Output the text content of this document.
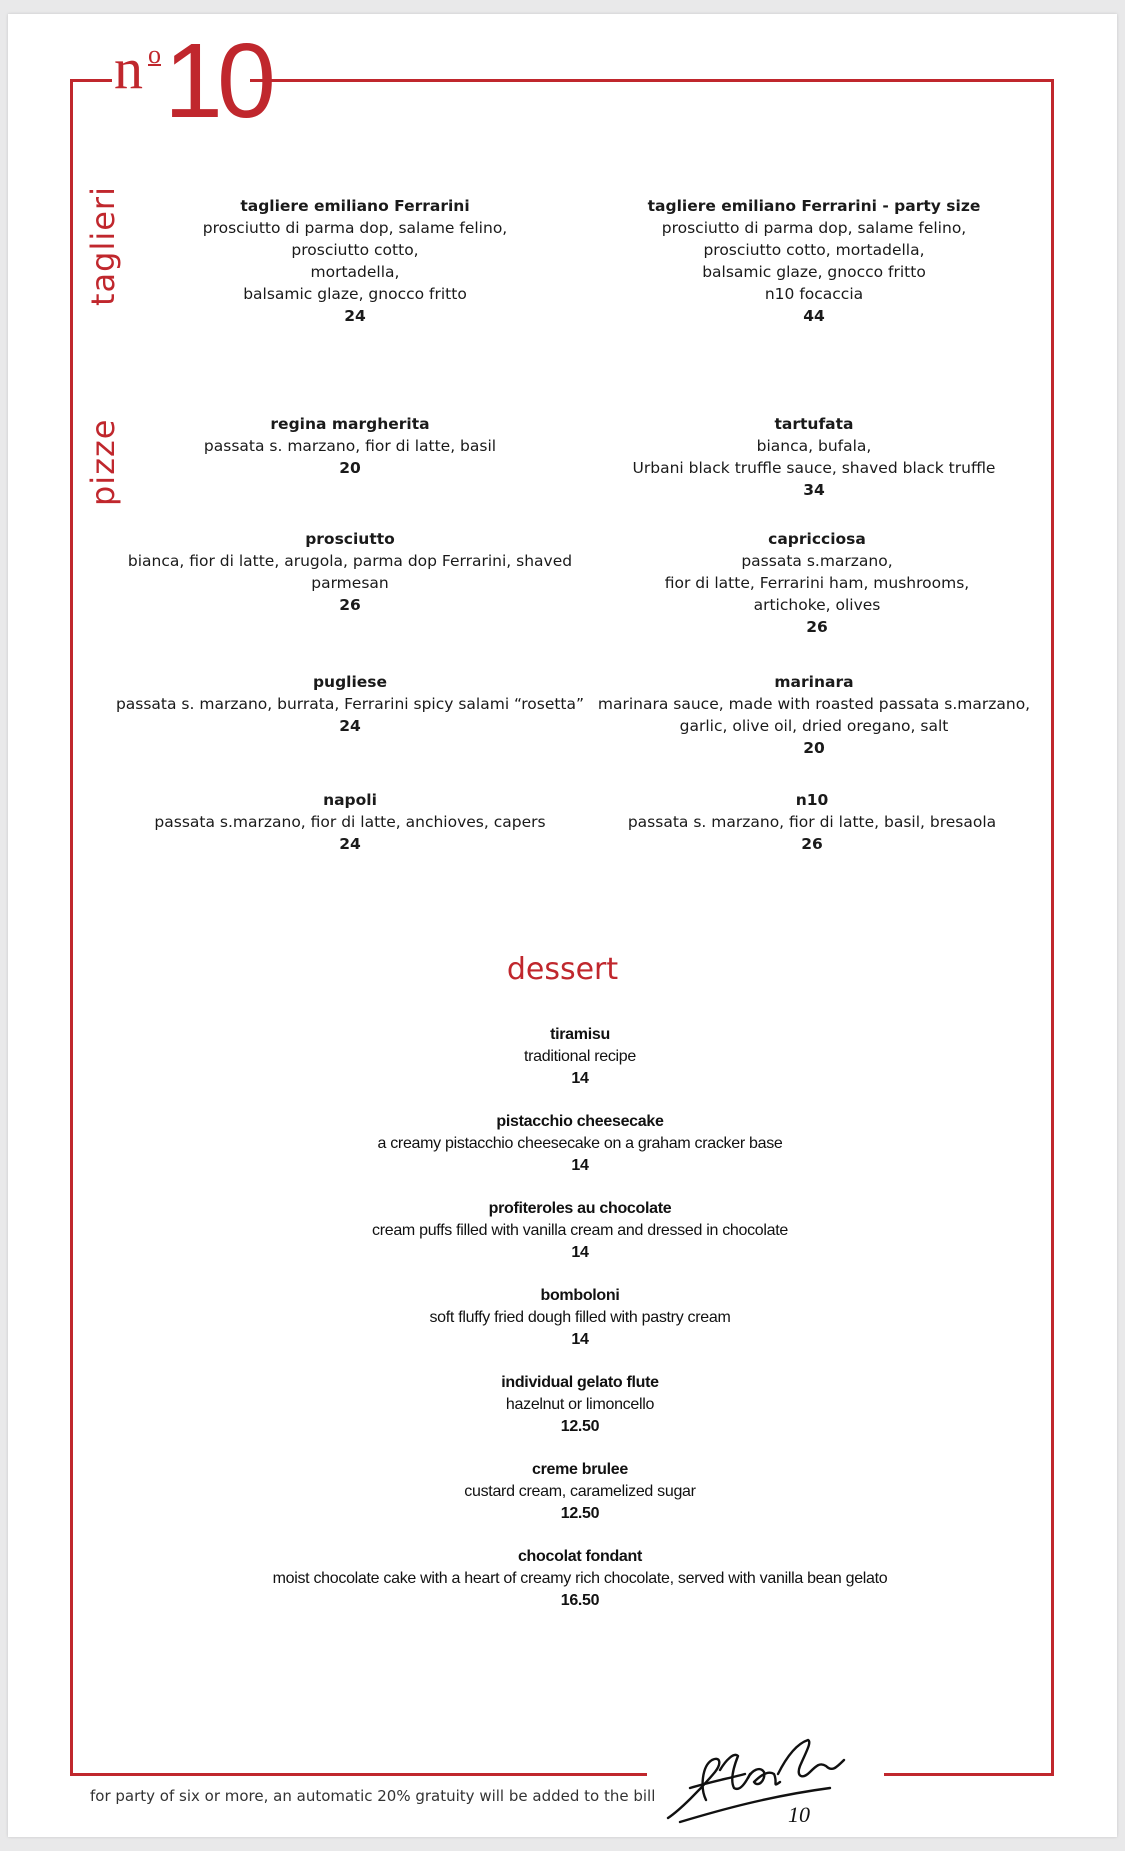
n o 10
taglieri
pizze
tagliere emiliano Ferrarini
prosciutto di parma dop, salame felino,
prosciutto cotto,
mortadella,
balsamic glaze, gnocco fritto
24
tagliere emiliano Ferrarini - party size
prosciutto di parma dop, salame felino,
prosciutto cotto, mortadella,
balsamic glaze, gnocco fritto
n10 focaccia
44
regina margherita
passata s. marzano, fior di latte, basil
20
tartufata
bianca, bufala,
Urbani black truffle sauce, shaved black truffle
34
prosciutto
bianca, fior di latte, arugola, parma dop Ferrarini, shaved
parmesan
26
capricciosa
passata s.marzano,
fior di latte, Ferrarini ham, mushrooms,
artichoke, olives
26
pugliese
passata s. marzano, burrata, Ferrarini spicy salami “rosetta”
24
marinara
marinara sauce, made with roasted passata s.marzano,
garlic, olive oil, dried oregano, salt
20
napoli
passata s.marzano, fior di latte, anchioves, capers
24
n10
passata s. marzano, fior di latte, basil, bresaola
26
dessert
tiramisu
traditional recipe
14
pistacchio cheesecake
a creamy pistacchio cheesecake on a graham cracker base
14
profiteroles au chocolate
cream puffs filled with vanilla cream and dressed in chocolate
14
bomboloni
soft fluffy fried dough filled with pastry cream
14
individual gelato flute
hazelnut or limoncello
12.50
creme brulee
custard cream, caramelized sugar
12.50
chocolat fondant
moist chocolate cake with a heart of creamy rich chocolate, served with vanilla bean gelato
16.50
for party of six or more, an automatic 20% gratuity will be added to the bill
10
